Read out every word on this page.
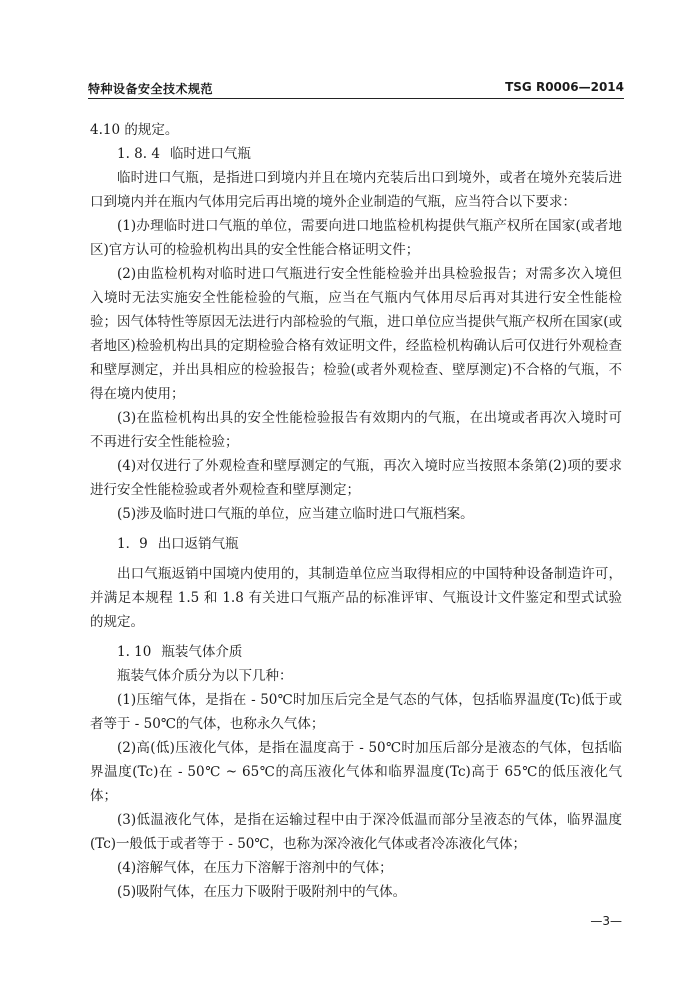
特种设备安全技术规范	TSG R0006—2014

4.10 的规定。

1. 8. 4 临时进口气瓶

临时进口气瓶，是指进口到境内并且在境内充装后出口到境外，或者在境外充装后进口到境内并在瓶内气体用完后再出境的境外企业制造的气瓶，应当符合以下要求：

(1)办理临时进口气瓶的单位，需要向进口地监检机构提供气瓶产权所在国家(或者地区)官方认可的检验机构出具的安全性能合格证明文件；

(2)由监检机构对临时进口气瓶进行安全性能检验并出具检验报告；对需多次入境但入境时无法实施安全性能检验的气瓶，应当在气瓶内气体用尽后再对其进行安全性能检验；因气体特性等原因无法进行内部检验的气瓶，进口单位应当提供气瓶产权所在国家(或者地区)检验机构出具的定期检验合格有效证明文件，经监检机构确认后可仅进行外观检查和壁厚测定，并出具相应的检验报告；检验(或者外观检查、壁厚测定)不合格的气瓶，不得在境内使用；

(3)在监检机构出具的安全性能检验报告有效期内的气瓶，在出境或者再次入境时可不再进行安全性能检验；

(4)对仅进行了外观检查和壁厚测定的气瓶，再次入境时应当按照本条第(2)项的要求进行安全性能检验或者外观检查和壁厚测定；

(5)涉及临时进口气瓶的单位，应当建立临时进口气瓶档案。

1．9 出口返销气瓶

出口气瓶返销中国境内使用的，其制造单位应当取得相应的中国特种设备制造许可，并满足本规程 1.5 和 1.8 有关进口气瓶产品的标准评审、气瓶设计文件鉴定和型式试验的规定。

1. 10 瓶装气体介质

瓶装气体介质分为以下几种：

(1)压缩气体，是指在 - 50℃时加压后完全是气态的气体，包括临界温度(Tc)低于或者等于 - 50℃的气体，也称永久气体；

(2)高(低)压液化气体，是指在温度高于 - 50℃时加压后部分是液态的气体，包括临界温度(Tc)在 - 50℃ ~ 65℃的高压液化气体和临界温度(Tc)高于 65℃的低压液化气体；

(3)低温液化气体，是指在运输过程中由于深冷低温而部分呈液态的气体，临界温度(Tc)一般低于或者等于 - 50℃，也称为深冷液化气体或者冷冻液化气体；

(4)溶解气体，在压力下溶解于溶剂中的气体；

(5)吸附气体，在压力下吸附于吸附剂中的气体。

—3—
